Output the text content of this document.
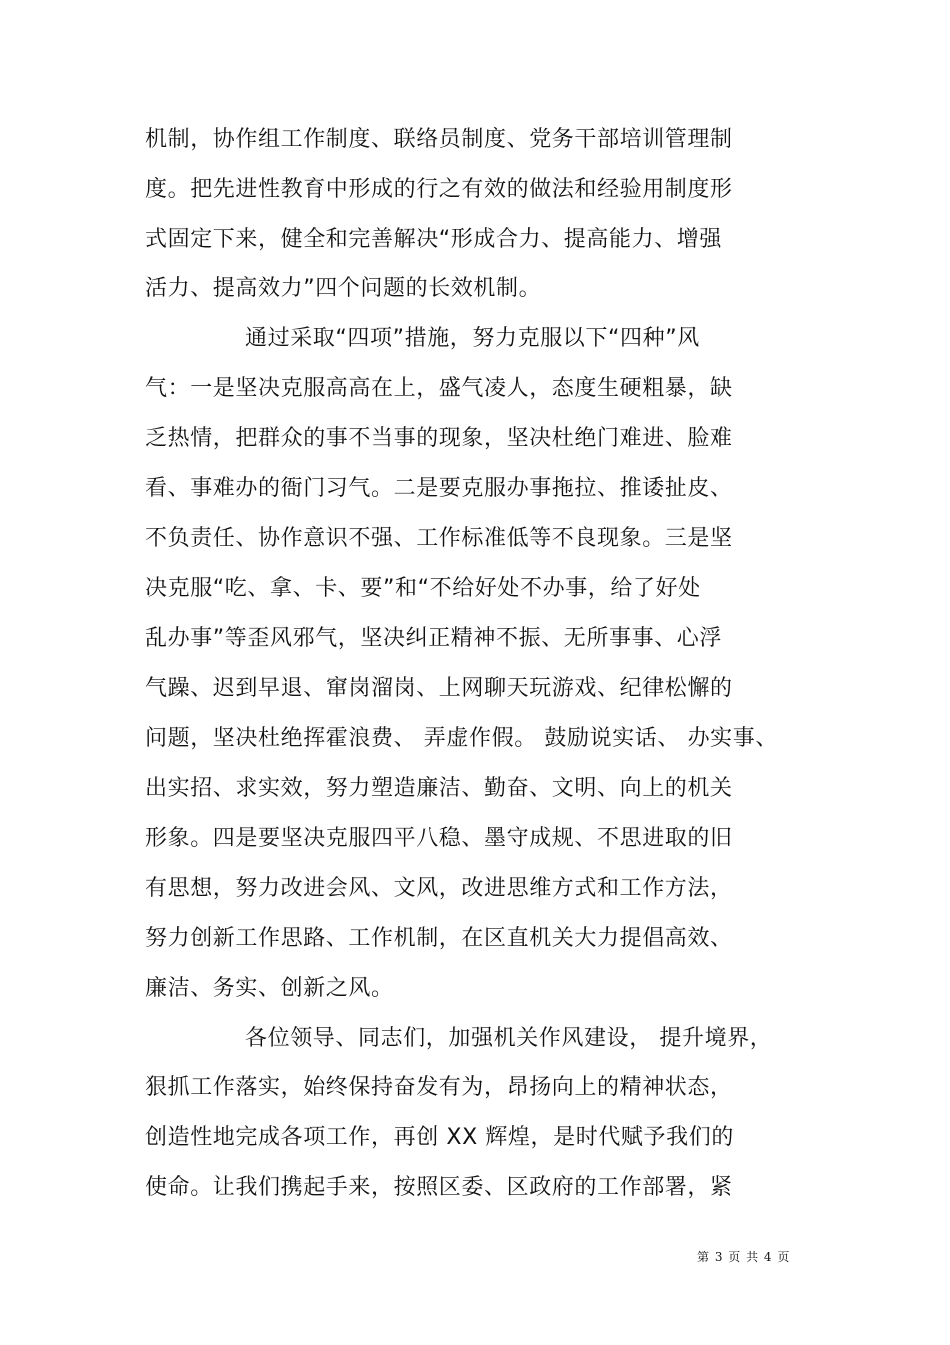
机制，协作组工作制度、联络员制度、党务干部培训管理制
度。把先进性教育中形成的行之有效的做法和经验用制度形
式固定下来，健全和完善解决“形成合力、提高能力、增强
活力、提高效力”四个问题的长效机制。
通过采取“四项”措施，努力克服以下“四种”风
气：一是坚决克服高高在上，盛气凌人，态度生硬粗暴，缺
乏热情，把群众的事不当事的现象，坚决杜绝门难进、脸难
看、事难办的衙门习气。二是要克服办事拖拉、推诿扯皮、
不负责任、协作意识不强、工作标准低等不良现象。三是坚
决克服“吃、拿、卡、要”和“不给好处不办事，给了好处
乱办事”等歪风邪气，坚决纠正精神不振、无所事事、心浮
气躁、迟到早退、窜岗溜岗、上网聊天玩游戏、纪律松懈的
问题，坚决杜绝挥霍浪费、 弄虚作假。 鼓励说实话、 办实事、
出实招、求实效，努力塑造廉洁、勤奋、文明、向上的机关
形象。四是要坚决克服四平八稳、墨守成规、不思进取的旧
有思想，努力改进会风、文风，改进思维方式和工作方法，
努力创新工作思路、工作机制，在区直机关大力提倡高效、
廉洁、务实、创新之风。
各位领导、同志们，加强机关作风建设， 提升境界，
狠抓工作落实，始终保持奋发有为，昂扬向上的精神状态，
创造性地完成各项工作，再创 XX 辉煌，是时代赋予我们的
使命。让我们携起手来，按照区委、区政府的工作部署，紧
第 3 页 共 4 页
